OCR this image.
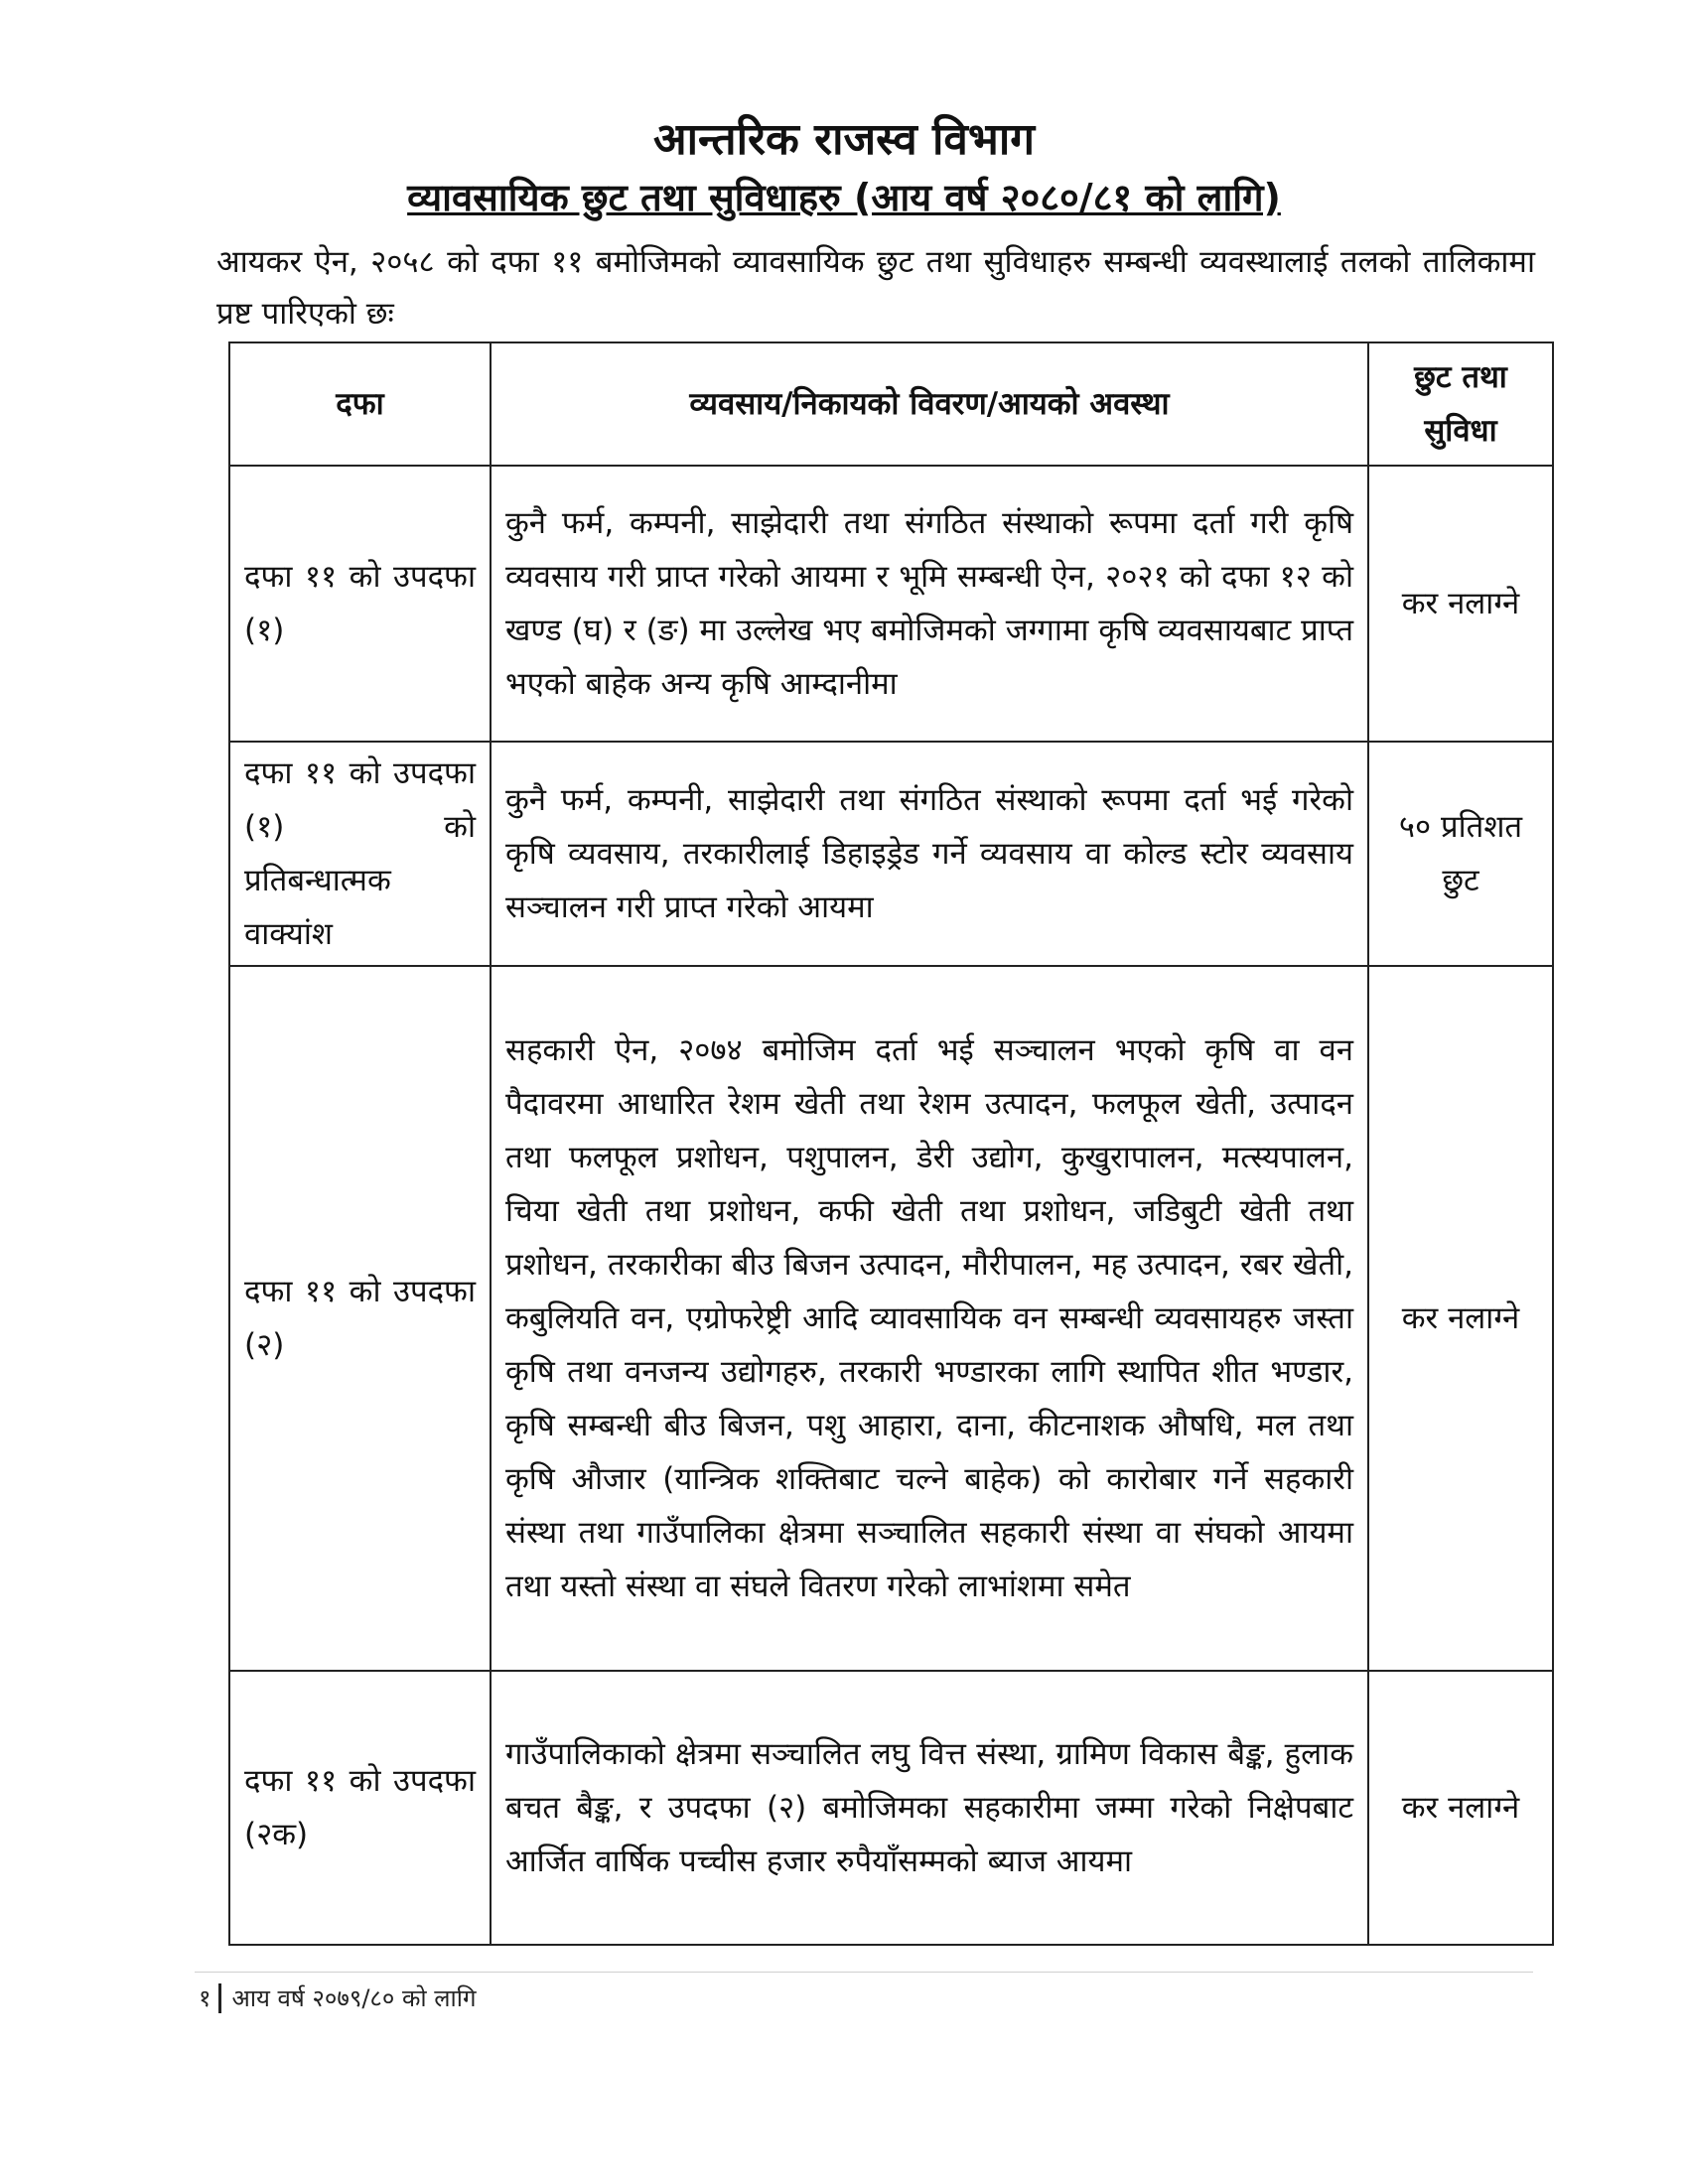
आन्तरिक राजस्व विभाग
व्यावसायिक छुट तथा सुविधाहरु (आय वर्ष २०८०/८१ को लागि)
आयकर ऐन, २०५८ को दफा ११ बमोजिमको व्यावसायिक छुट तथा सुविधाहरु सम्बन्धी व्यवस्थालाई तलको तालिकामा प्रष्ट पारिएको छः
दफा	व्यवसाय/निकायको विवरण/आयको अवस्था	छुट तथा सुविधा
दफा ११ को उपदफा (१)	कुनै फर्म, कम्पनी, साझेदारी तथा संगठित संस्थाको रूपमा दर्ता गरी कृषि व्यवसाय गरी प्राप्त गरेको आयमा र भूमि सम्बन्धी ऐन, २०२१ को दफा १२ को खण्ड (घ) र (ङ) मा उल्लेख भए बमोजिमको जग्गामा कृषि व्यवसायबाट प्राप्त भएको बाहेक अन्य कृषि आम्दानीमा	कर नलाग्ने
दफा ११ को उपदफा (१) को प्रतिबन्धात्मक वाक्यांश	कुनै फर्म, कम्पनी, साझेदारी तथा संगठित संस्थाको रूपमा दर्ता भई गरेको कृषि व्यवसाय, तरकारीलाई डिहाइड्रेड गर्ने व्यवसाय वा कोल्ड स्टोर व्यवसाय सञ्चालन गरी प्राप्त गरेको आयमा	५० प्रतिशत छुट
दफा ११ को उपदफा (२)	सहकारी ऐन, २०७४ बमोजिम दर्ता भई सञ्चालन भएको कृषि वा वन पैदावरमा आधारित रेशम खेती तथा रेशम उत्पादन, फलफूल खेती, उत्पादन तथा फलफूल प्रशोधन, पशुपालन, डेरी उद्योग, कुखुरापालन, मत्स्यपालन, चिया खेती तथा प्रशोधन, कफी खेती तथा प्रशोधन, जडिबुटी खेती तथा प्रशोधन, तरकारीका बीउ बिजन उत्पादन, मौरीपालन, मह उत्पादन, रबर खेती, कबुलियति वन, एग्रोफरेष्ट्री आदि व्यावसायिक वन सम्बन्धी व्यवसायहरु जस्ता कृषि तथा वनजन्य उद्योगहरु, तरकारी भण्डारका लागि स्थापित शीत भण्डार, कृषि सम्बन्धी बीउ बिजन, पशु आहारा, दाना, कीटनाशक औषधि, मल तथा कृषि औजार (यान्त्रिक शक्तिबाट चल्ने बाहेक) को कारोबार गर्ने सहकारी संस्था तथा गाउँपालिका क्षेत्रमा सञ्चालित सहकारी संस्था वा संघको आयमा तथा यस्तो संस्था वा संघले वितरण गरेको लाभांशमा समेत	कर नलाग्ने
दफा ११ को उपदफा (२क)	गाउँपालिकाको क्षेत्रमा सञ्चालित लघु वित्त संस्था, ग्रामिण विकास बैङ्क, हुलाक बचत बैङ्क, र उपदफा (२) बमोजिमका सहकारीमा जम्मा गरेको निक्षेपबाट आर्जित वार्षिक पच्चीस हजार रुपैयाँसम्मको ब्याज आयमा	कर नलाग्ने
१ आय वर्ष २०७९/८० को लागि
